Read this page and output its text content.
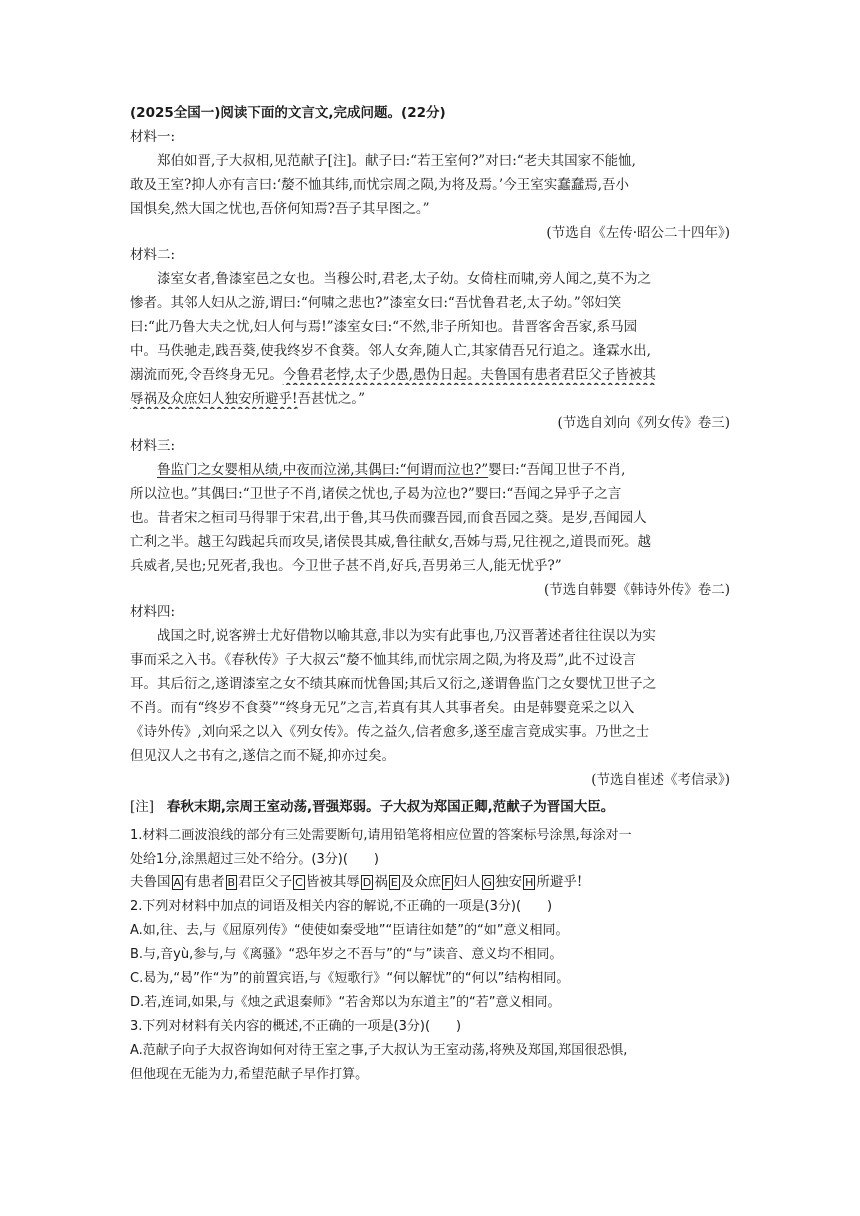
(2025全国一)阅读下面的文言文,完成问题。(22分)
材料一:
郑伯如晋,子大叔相,见范献子[注]。献子曰:“若王室何?”对曰:“老夫其国家不能恤,
敢及王室?抑人亦有言曰:‘嫠不恤其纬,而忧宗周之陨,为将及焉。’今王室实蠢蠢焉,吾小
国惧矣,然大国之忧也,吾侪何知焉?吾子其早图之。”
(节选自《左传·昭公二十四年》)
材料二:
漆室女者,鲁漆室邑之女也。当穆公时,君老,太子幼。女倚柱而啸,旁人闻之,莫不为之
惨者。其邻人妇从之游,谓曰:“何啸之悲也?”漆室女曰:“吾忧鲁君老,太子幼。”邻妇笑
曰:“此乃鲁大夫之忧,妇人何与焉!”漆室女曰:“不然,非子所知也。昔晋客舍吾家,系马园
中。马佚驰走,践吾葵,使我终岁不食葵。邻人女奔,随人亡,其家倩吾兄行追之。逢霖水出,
溺流而死,令吾终身无兄。今鲁君老悖,太子少愚,愚伪日起。夫鲁国有患者君臣父子皆被其
辱祸及众庶妇人独安所避乎!吾甚忧之。”
(节选自刘向《列女传》卷三)
材料三:
鲁监门之女婴相从绩,中夜而泣涕,其偶曰:“何谓而泣也?”婴曰:“吾闻卫世子不肖,
所以泣也。”其偶曰:“卫世子不肖,诸侯之忧也,子曷为泣也?”婴曰:“吾闻之异乎子之言
也。昔者宋之桓司马得罪于宋君,出于鲁,其马佚而骤吾园,而食吾园之葵。是岁,吾闻园人
亡利之半。越王勾践起兵而攻吴,诸侯畏其威,鲁往献女,吾姊与焉,兄往视之,道畏而死。越
兵威者,吴也;兄死者,我也。今卫世子甚不肖,好兵,吾男弟三人,能无忧乎?”
(节选自韩婴《韩诗外传》卷二)
材料四:
战国之时,说客辨士尤好借物以喻其意,非以为实有此事也,乃汉晋著述者往往误以为实
事而采之入书。《春秋传》子大叔云“嫠不恤其纬,而忧宗周之陨,为将及焉”,此不过设言
耳。其后衍之,遂谓漆室之女不绩其麻而忧鲁国;其后又衍之,遂谓鲁监门之女婴忧卫世子之
不肖。而有“终岁不食葵”“终身无兄”之言,若真有其人其事者矣。由是韩婴竟采之以入
《诗外传》,刘向采之以入《列女传》。传之益久,信者愈多,遂至虚言竟成实事。乃世之士
但见汉人之书有之,遂信之而不疑,抑亦过矣。
(节选自崔述《考信录》)
[注] 春秋末期,宗周王室动荡,晋强郑弱。子大叔为郑国正卿,范献子为晋国大臣。
1.材料二画波浪线的部分有三处需要断句,请用铅笔将相应位置的答案标号涂黑,每涂对一
处给1分,涂黑超过三处不给分。(3分)(　　)
夫鲁国 A 有患者 B 君臣父子 C 皆被其辱 D 祸 E 及众庶 F 妇人 G 独安 H 所避乎!
2.下列对材料中加点的词语及相关内容的解说,不正确的一项是(3分)(　　)
A.如,往、去,与《屈原列传》“使使如秦受地”“臣请往如楚”的“如”意义相同。
B.与,音yù,参与,与《离骚》“恐年岁之不吾与”的“与”读音、意义均不相同。
C.曷为,“曷”作“为”的前置宾语,与《短歌行》“何以解忧”的“何以”结构相同。
D.若,连词,如果,与《烛之武退秦师》“若舍郑以为东道主”的“若”意义相同。
3.下列对材料有关内容的概述,不正确的一项是(3分)(　　)
A.范献子向子大叔咨询如何对待王室之事,子大叔认为王室动荡,将殃及郑国,郑国很恐惧,
但他现在无能为力,希望范献子早作打算。
